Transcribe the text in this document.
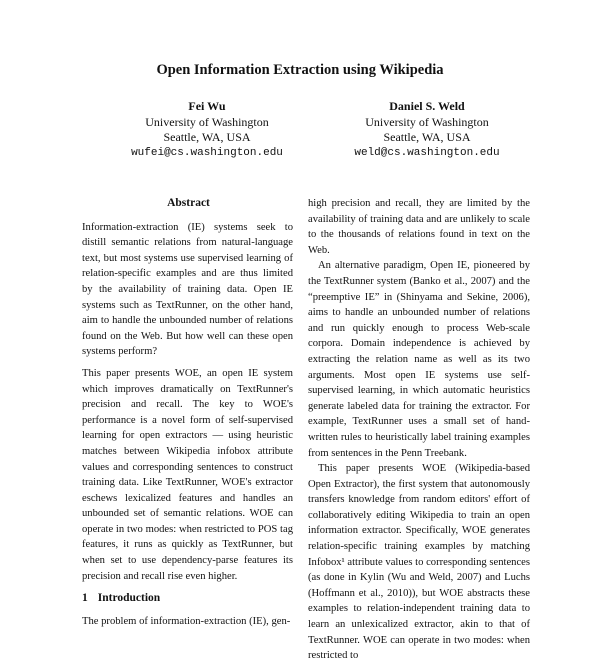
Open Information Extraction using Wikipedia
Fei Wu
University of Washington
Seattle, WA, USA
wufei@cs.washington.edu
Daniel S. Weld
University of Washington
Seattle, WA, USA
weld@cs.washington.edu
Abstract

Information-extraction (IE) systems seek to distill semantic relations from natural-language text, but most systems use supervised learning of relation-specific examples and are thus limited by the availability of training data. Open IE systems such as TextRunner, on the other hand, aim to handle the unbounded number of relations found on the Web. But how well can these open systems perform?

This paper presents WOE, an open IE system which improves dramatically on TextRunner's precision and recall. The key to WOE's performance is a novel form of self-supervised learning for open extractors — using heuristic matches between Wikipedia infobox attribute values and corresponding sentences to construct training data. Like TextRunner, WOE's extractor eschews lexicalized features and handles an unbounded set of semantic relations. WOE can operate in two modes: when restricted to POS tag features, it runs as quickly as TextRunner, but when set to use dependency-parse features its precision and recall rise even higher.

1 Introduction

The problem of information-extraction (IE), gen-

high precision and recall, they are limited by the availability of training data and are unlikely to scale to the thousands of relations found in text on the Web.

An alternative paradigm, Open IE, pioneered by the TextRunner system (Banko et al., 2007) and the “preemptive IE” in (Shinyama and Sekine, 2006), aims to handle an unbounded number of relations and run quickly enough to process Web-scale corpora. Domain independence is achieved by extracting the relation name as well as its two arguments. Most open IE systems use self-supervised learning, in which automatic heuristics generate labeled data for training the extractor. For example, TextRunner uses a small set of hand-written rules to heuristically label training examples from sentences in the Penn Treebank.

This paper presents WOE (Wikipedia-based Open Extractor), the first system that autonomously transfers knowledge from random editors' effort of collaboratively editing Wikipedia to train an open information extractor. Specifically, WOE generates relation-specific training examples by matching Infobox¹ attribute values to corresponding sentences (as done in Kylin (Wu and Weld, 2007) and Luchs (Hoffmann et al., 2010)), but WOE abstracts these examples to relation-independent training data to learn an unlexicalized extractor, akin to that of TextRunner. WOE can operate in two modes: when restricted to
